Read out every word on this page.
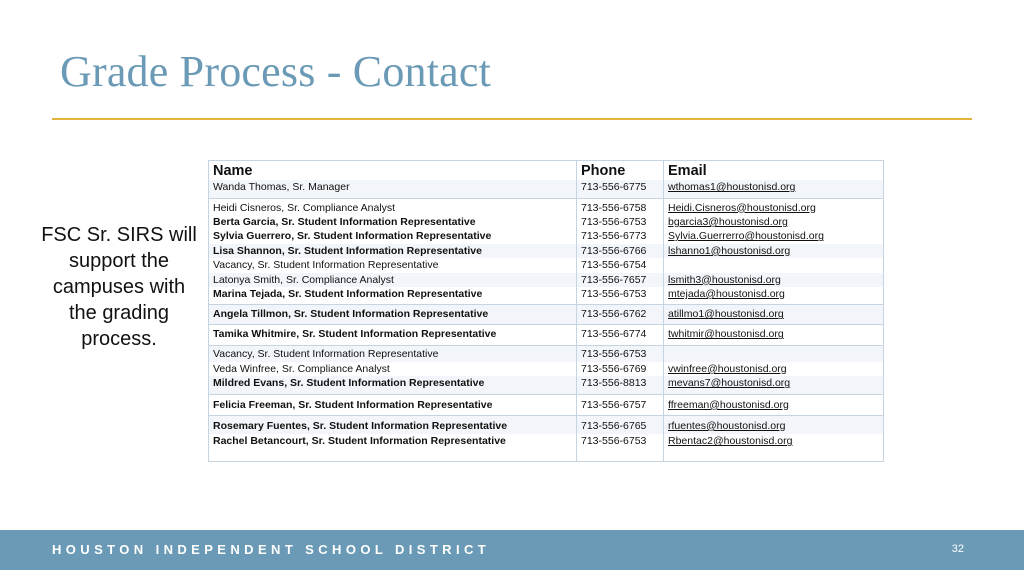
Grade Process - Contact
FSC Sr. SIRS will support the campuses with the grading process.
Name	Phone	Email
Wanda Thomas, Sr. Manager	713-556-6775	wthomas1@houstonisd.org
Heidi Cisneros, Sr. Compliance Analyst	713-556-6758	Heidi.Cisneros@houstonisd.org
Berta Garcia, Sr. Student Information Representative	713-556-6753	bgarcia3@houstonisd.org
Sylvia Guerrero, Sr. Student Information Representative	713-556-6773	Sylvia.Guerrerro@houstonisd.org
Lisa Shannon, Sr. Student Information Representative	713-556-6766	lshanno1@houstonisd.org
Vacancy, Sr. Student Information Representative	713-556-6754	
Latonya Smith, Sr. Compliance Analyst	713-556-7657	lsmith3@houstonisd.org
Marina Tejada, Sr. Student Information Representative	713-556-6753	mtejada@houstonisd.org
Angela Tillmon, Sr. Student Information Representative	713-556-6762	atillmo1@houstonisd.org
Tamika Whitmire, Sr. Student Information Representative	713-556-6774	twhitmir@houstonisd.org
Vacancy, Sr. Student Information Representative	713-556-6753	
Veda Winfree, Sr. Compliance Analyst	713-556-6769	vwinfree@houstonisd.org
Mildred Evans, Sr. Student Information Representative	713-556-8813	mevans7@houstonisd.org
Felicia Freeman, Sr. Student Information Representative	713-556-6757	ffreeman@houstonisd.org
Rosemary Fuentes, Sr. Student Information Representative	713-556-6765	rfuentes@houstonisd.org
Rachel Betancourt, Sr. Student Information Representative	713-556-6753	Rbentac2@houstonisd.org
HOUSTON INDEPENDENT SCHOOL DISTRICT	32
